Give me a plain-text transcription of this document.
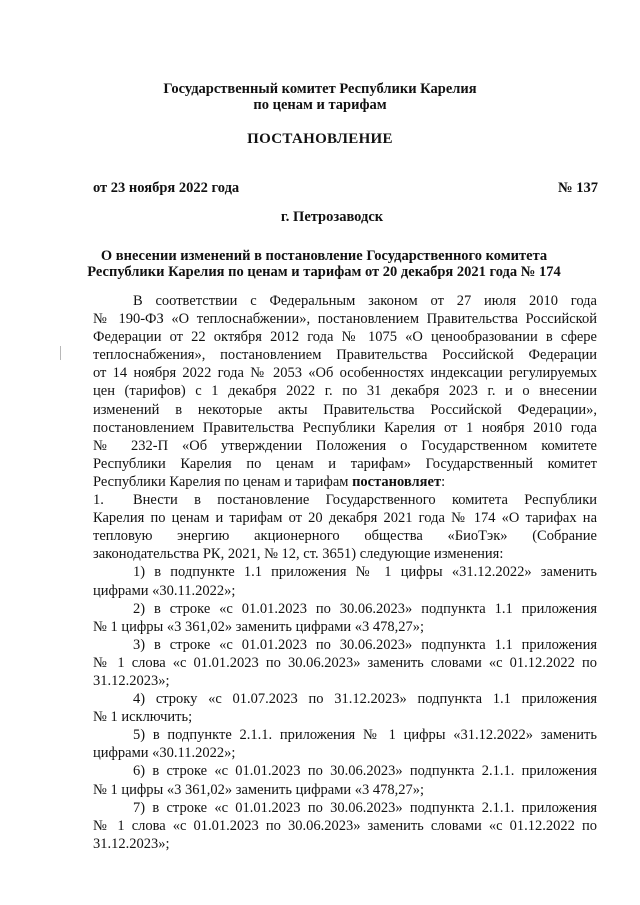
Государственный комитет Республики Карелия
по ценам и тарифам
ПОСТАНОВЛЕНИЕ
от 23 ноября 2022 года	№ 137
г. Петрозаводск
О внесении изменений в постановление Государственного комитета
Республики Карелия по ценам и тарифам от 20 декабря 2021 года № 174
В соответствии с Федеральным законом от 27 июля 2010 года
№ 190-ФЗ «О теплоснабжении», постановлением Правительства Российской
Федерации от 22 октября 2012 года № 1075 «О ценообразовании в сфере
теплоснабжения», постановлением Правительства Российской Федерации
от 14 ноября 2022 года № 2053 «Об особенностях индексации регулируемых
цен (тарифов) с 1 декабря 2022 г. по 31 декабря 2023 г. и о внесении
изменений в некоторые акты Правительства Российской Федерации»,
постановлением Правительства Республики Карелия от 1 ноября 2010 года
№ 232-П «Об утверждении Положения о Государственном комитете
Республики Карелия по ценам и тарифам» Государственный комитет
Республики Карелия по ценам и тарифам постановляет:
1.	Внести в постановление Государственного комитета Республики
Карелия по ценам и тарифам от 20 декабря 2021 года № 174 «О тарифах на
тепловую энергию акционерного общества «БиоТэк» (Собрание
законодательства РК, 2021, № 12, ст. 3651) следующие изменения:
1) в подпункте 1.1 приложения № 1 цифры «31.12.2022» заменить
цифрами «30.11.2022»;
2) в строке «с 01.01.2023 по 30.06.2023» подпункта 1.1 приложения
№ 1 цифры «3 361,02» заменить цифрами «3 478,27»;
3) в строке «с 01.01.2023 по 30.06.2023» подпункта 1.1 приложения
№ 1 слова «с 01.01.2023 по 30.06.2023» заменить словами «с 01.12.2022 по
31.12.2023»;
4) строку «с 01.07.2023 по 31.12.2023» подпункта 1.1 приложения
№ 1 исключить;
5) в подпункте 2.1.1. приложения № 1 цифры «31.12.2022» заменить
цифрами «30.11.2022»;
6) в строке «с 01.01.2023 по 30.06.2023» подпункта 2.1.1. приложения
№ 1 цифры «3 361,02» заменить цифрами «3 478,27»;
7) в строке «с 01.01.2023 по 30.06.2023» подпункта 2.1.1. приложения
№ 1 слова «с 01.01.2023 по 30.06.2023» заменить словами «с 01.12.2022 по
31.12.2023»;
